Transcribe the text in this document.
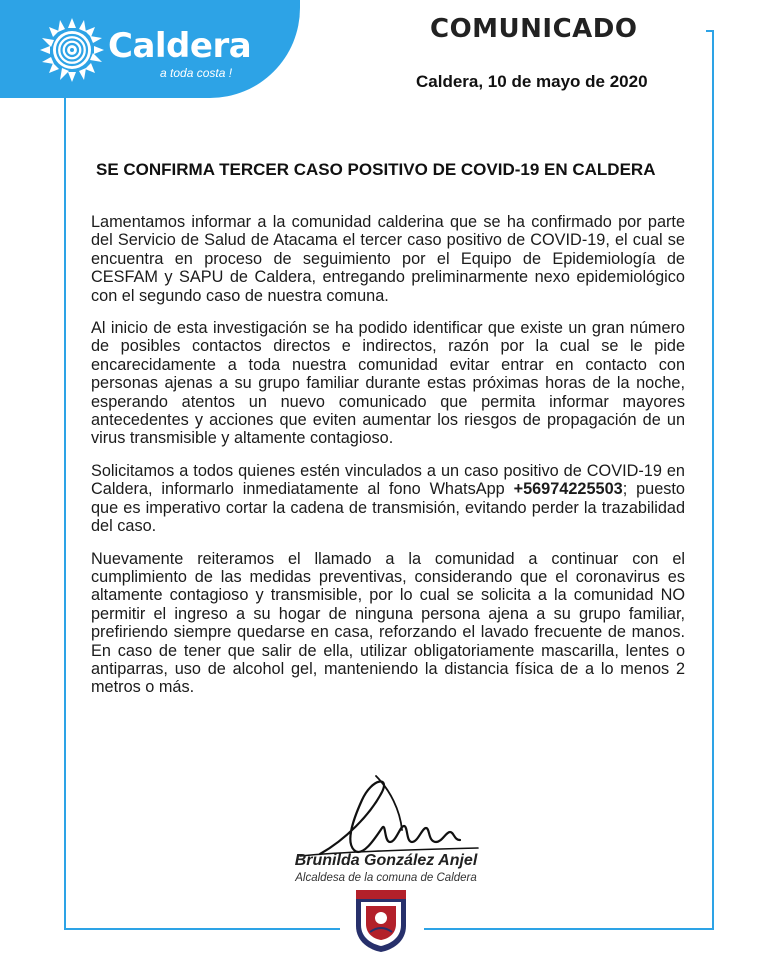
Caldera
a toda costa !
COMUNICADO
Caldera, 10 de mayo de 2020
SE CONFIRMA TERCER CASO POSITIVO DE COVID-19 EN CALDERA

Lamentamos informar a la comunidad calderina que se ha confirmado por parte del Servicio de Salud de Atacama el tercer caso positivo de COVID-19, el cual se encuentra en proceso de seguimiento por el Equipo de Epidemiología de CESFAM y SAPU de Caldera, entregando preliminarmente nexo epidemiológico con el segundo caso de nuestra comuna.

Al inicio de esta investigación se ha podido identificar que existe un gran número de posibles contactos directos e indirectos, razón por la cual se le pide encarecidamente a toda nuestra comunidad evitar entrar en contacto con personas ajenas a su grupo familiar durante estas próximas horas de la noche, esperando atentos un nuevo comunicado que permita informar mayores antecedentes y acciones que eviten aumentar los riesgos de propagación de un virus transmisible y altamente contagioso.

Solicitamos a todos quienes estén vinculados a un caso positivo de COVID-19 en Caldera, informarlo inmediatamente al fono WhatsApp +56974225503; puesto que es imperativo cortar la cadena de transmisión, evitando perder la trazabilidad del caso.

Nuevamente reiteramos el llamado a la comunidad a continuar con el cumplimiento de las medidas preventivas, considerando que el coronavirus es altamente contagioso y transmisible, por lo cual se solicita a la comunidad NO permitir el ingreso a su hogar de ninguna persona ajena a su grupo familiar, prefiriendo siempre quedarse en casa, reforzando el lavado frecuente de manos. En caso de tener que salir de ella, utilizar obligatoriamente mascarilla, lentes o antiparras, uso de alcohol gel, manteniendo la distancia física de a lo menos 2 metros o más.

Brunilda González Anjel
Alcaldesa de la comuna de Caldera
